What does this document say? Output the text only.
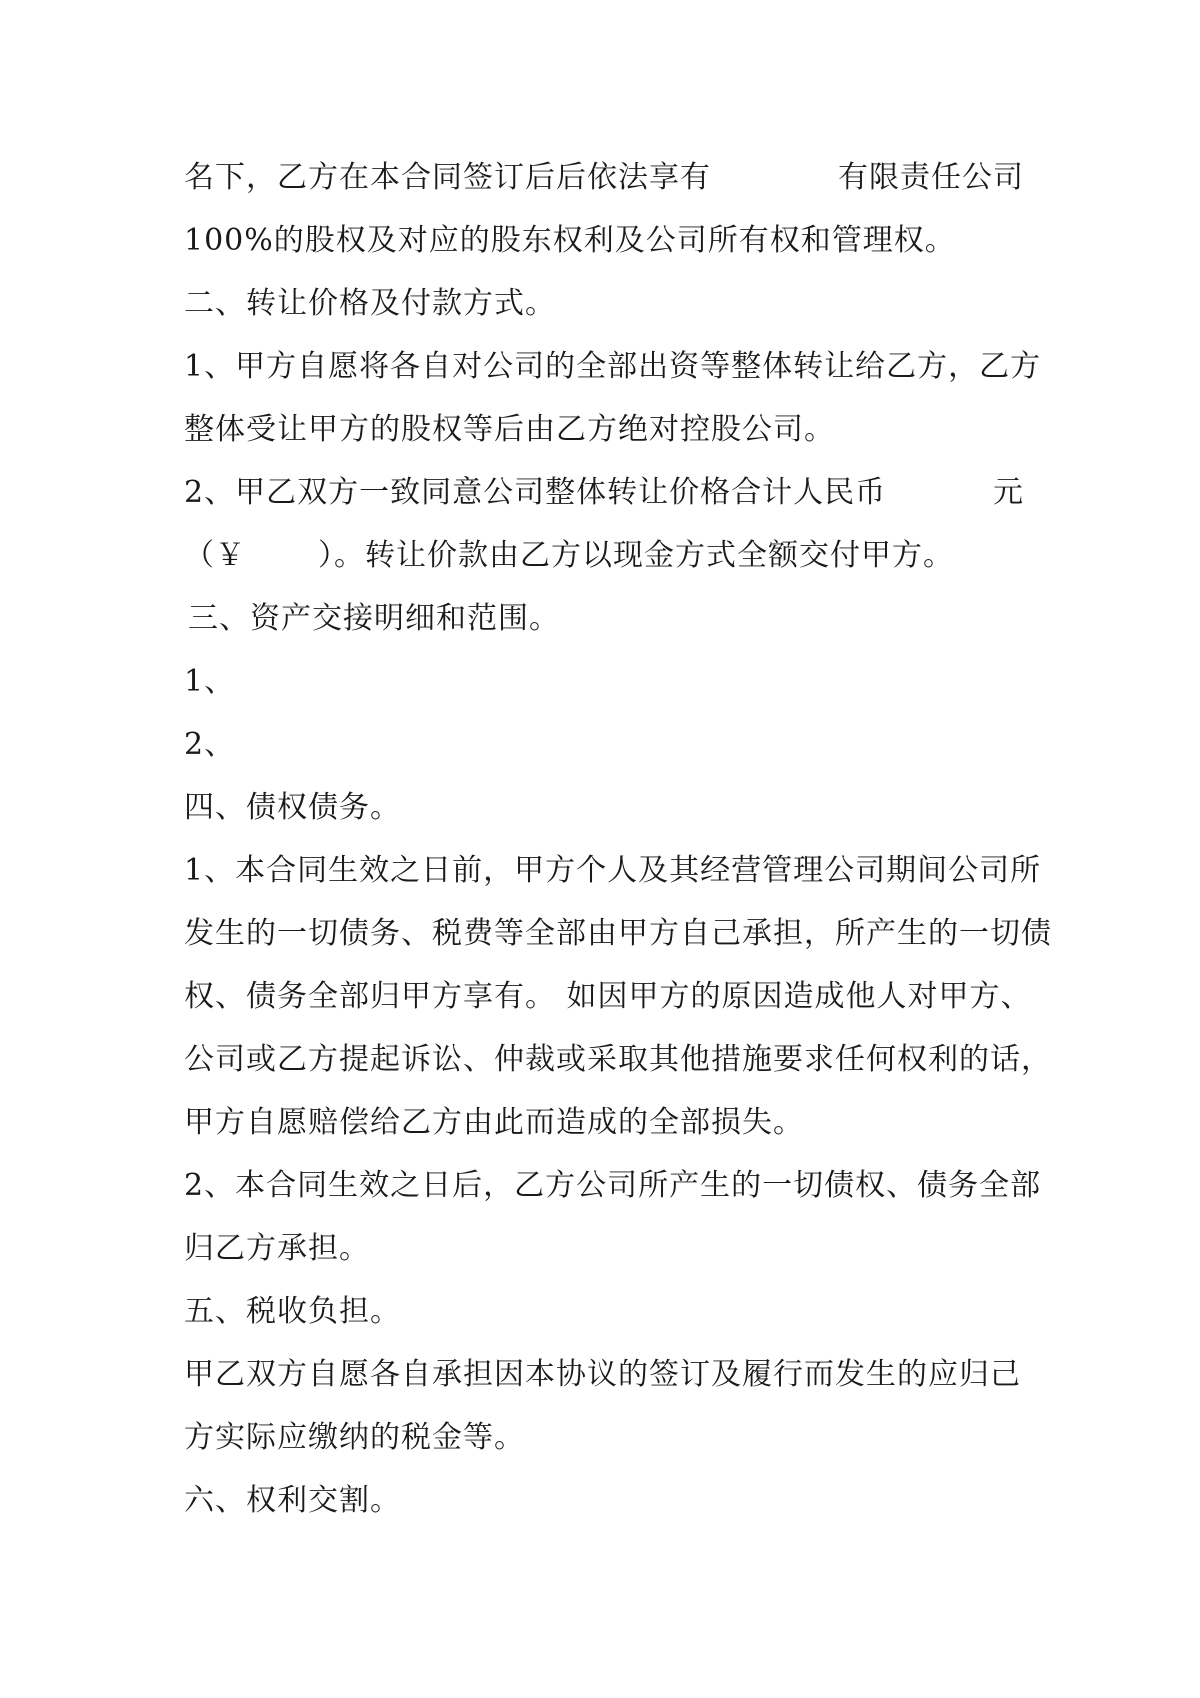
名下，乙方在本合同签订后后依法享有	有限责任公司
100%的股权及对应的股东权利及公司所有权和管理权。
二、转让价格及付款方式。
1、甲方自愿将各自对公司的全部出资等整体转让给乙方，乙方
整体受让甲方的股权等后由乙方绝对控股公司。
2、甲乙双方一致同意公司整体转让价格合计人民币	元
（￥ ）。转让价款由乙方以现金方式全额交付甲方。
三、资产交接明细和范围。
1、
2、
四、债权债务。
1、本合同生效之日前，甲方个人及其经营管理公司期间公司所
发生的一切债务、税费等全部由甲方自己承担，所产生的一切债
权、债务全部归甲方享有。 如因甲方的原因造成他人对甲方、
公司或乙方提起诉讼、仲裁或采取其他措施要求任何权利的话，
甲方自愿赔偿给乙方由此而造成的全部损失。
2、本合同生效之日后，乙方公司所产生的一切债权、债务全部
归乙方承担。
五、税收负担。
甲乙双方自愿各自承担因本协议的签订及履行而发生的应归己
方实际应缴纳的税金等。
六、权利交割。
